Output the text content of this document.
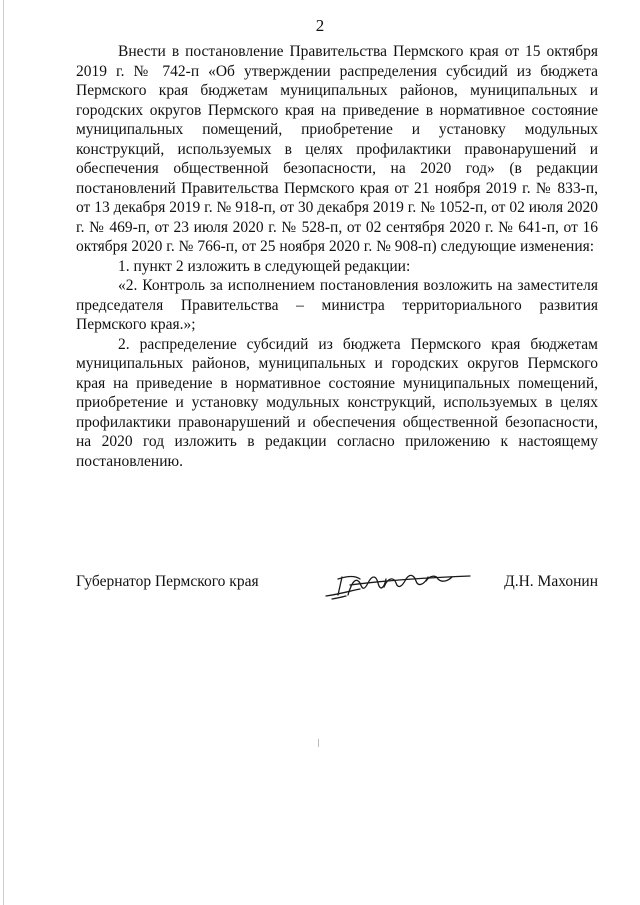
2

Внести в постановление Правительства Пермского края от 15 октября 2019 г. № 742-п «Об утверждении распределения субсидий из бюджета Пермского края бюджетам муниципальных районов, муниципальных и городских округов Пермского края на приведение в нормативное состояние муниципальных помещений, приобретение и установку модульных конструкций, используемых в целях профилактики правонарушений и обеспечения общественной безопасности, на 2020 год» (в редакции постановлений Правительства Пермского края от 21 ноября 2019 г. № 833-п, от 13 декабря 2019 г. № 918-п, от 30 декабря 2019 г. № 1052-п, от 02 июля 2020 г. № 469-п, от 23 июля 2020 г. № 528-п, от 02 сентября 2020 г. № 641-п, от 16 октября 2020 г. № 766-п, от 25 ноября 2020 г. № 908-п) следующие изменения:

1. пункт 2 изложить в следующей редакции:

«2. Контроль за исполнением постановления возложить на заместителя председателя Правительства – министра территориального развития Пермского края.»;

2. распределение субсидий из бюджета Пермского края бюджетам муниципальных районов, муниципальных и городских округов Пермского края на приведение в нормативное состояние муниципальных помещений, приобретение и установку модульных конструкций, используемых в целях профилактики правонарушений и обеспечения общественной безопасности, на 2020 год изложить в редакции согласно приложению к настоящему постановлению.

Губернатор Пермского края	Д.Н. Махонин
